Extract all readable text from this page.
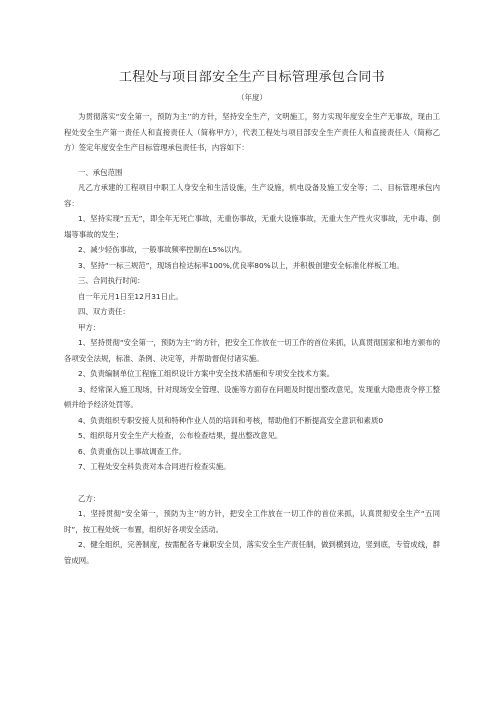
工程处与项目部安全生产目标管理承包合同书
（年度）

为贯彻落实“安全第一，预防为主’’的方针，坚持安全生产，文明施工，努力实现年度安全生产无事故，现由工程处安全生产第一责任人和直接责任人（简称甲方），代表工程处与项目部安全生产责任人和直接责任人（简称乙方）签定年度安全生产目标管理承包责任书，内容如下：

一、承包范围

凡乙方承建的工程项目中职工人身安全和生活设施，生产设施，机电设备及施工安全等；二、目标管理承包内容：

1、坚持实现“五无”，即全年无死亡事故，无重伤事故，无重大设施事故，无重大生产性火灾事故，无中毒、倒塌等事故的发生；

2、减少轻伤事故，一般事故频率控制在L5%以内。

3、坚持“一标三规范”，现场自检达标率100%,优良率80%以上，并积极创建安全标准化样板工地。

三、合同执行时间：

自一年元月1日至12月31日止。

四、双方责任：

甲方：

1、坚持贯彻“安全第一，预防为主’’的方针，把安全工作放在一切工作的首位来抓，认真贯彻国家和地方颁布的各项安全法规，标准、条例、决定等，并帮助督促付诸实施。

2、负责编制单位工程施工组织设计方案中安全技术措施和专项安全技术方案。

3、经常深入施工现场，针对现场安全管理、设施等方面存在问题及时提出整改意见，发现重大隐患责令停工整顿并给予经济处罚等。

4、负责组织专职安接人员和特种作业人员的培训和考核，帮助他们不断提高安全意识和素质0

5、组织每月安全生产大检查，公布检查结果，提出整改意见。

6、负责重伤以上事故调查工作。

7、工程处安全科负责对本合同进行检查实施。

乙方：

1、坚持贯彻“安全第一，预防为主’’的方针，把安全工作放在一切工作的首位来抓，认真贯彻安全生产“五同时”，按工程处统一布置，组织好各项安全活动。

2、健全组织，完善制度，按需配各专兼职安全员，落实安全生产责任制，做到横到边，竖到底，专管成线，群管成网。
